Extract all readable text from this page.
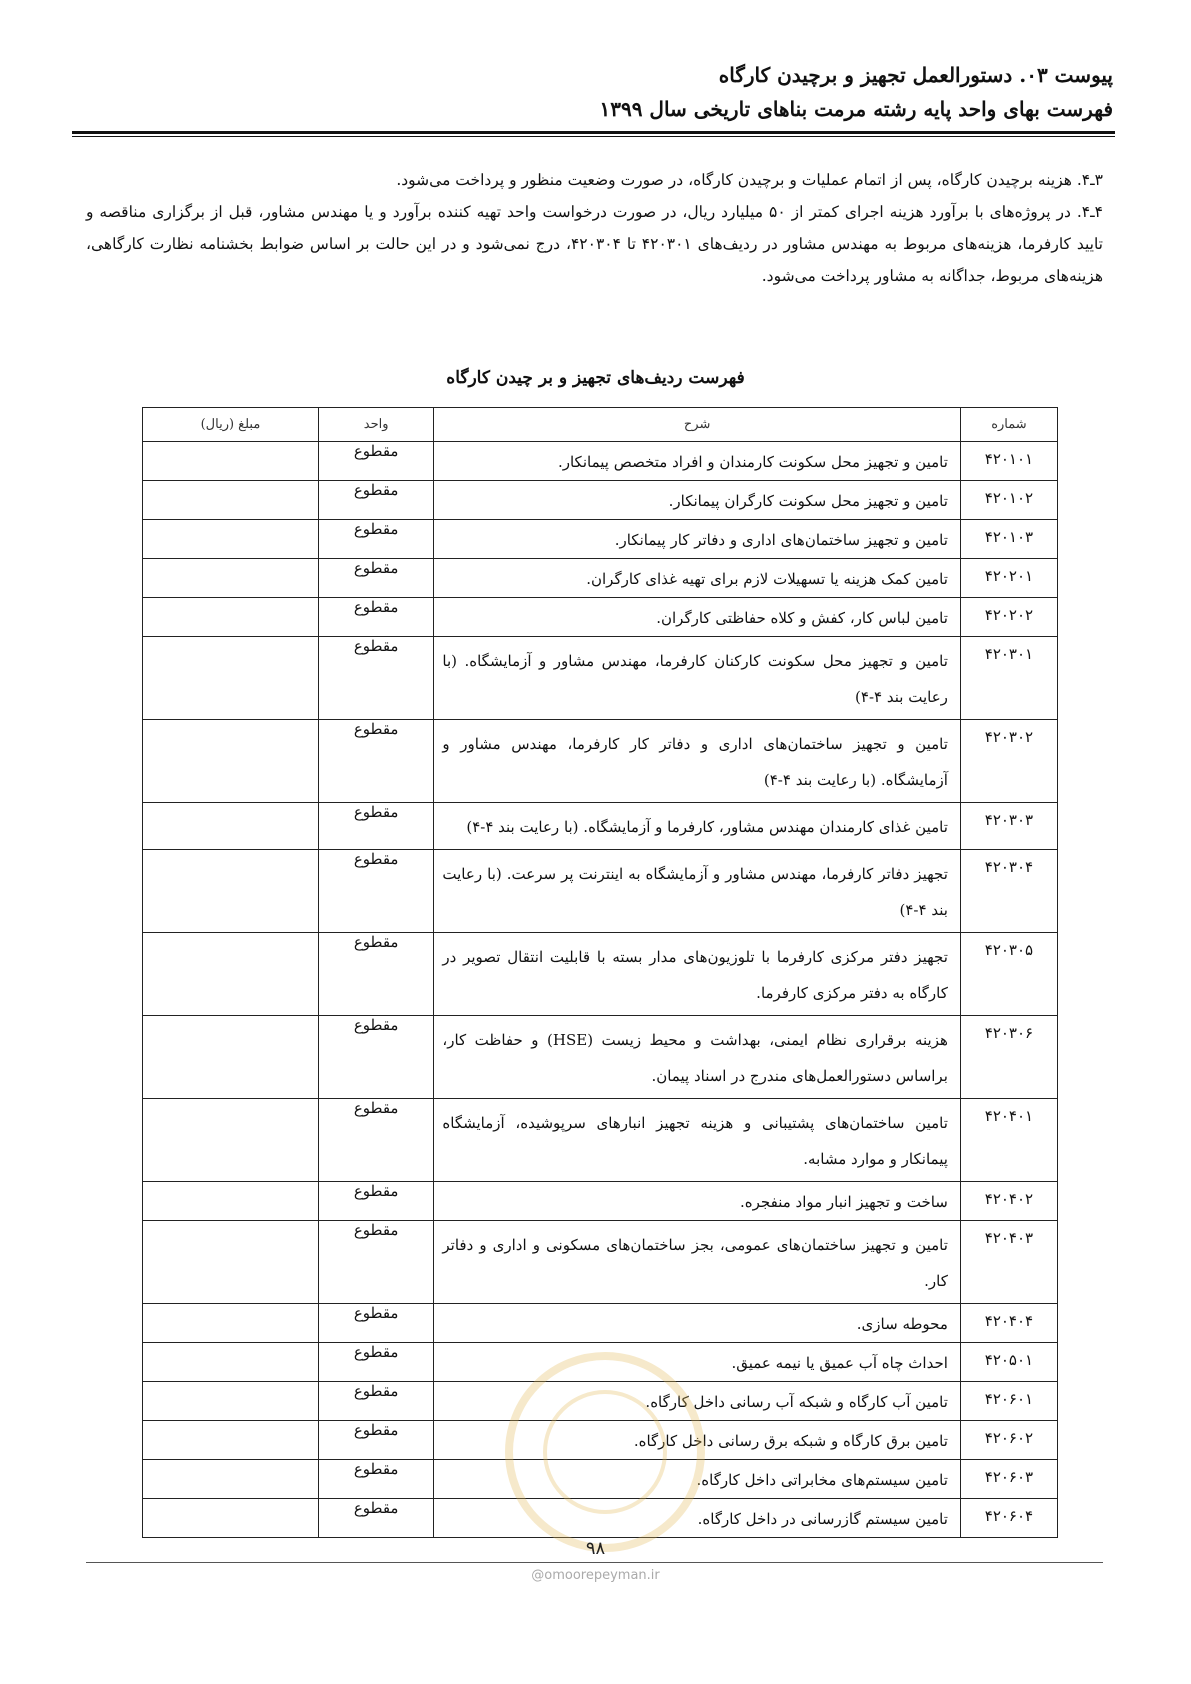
پیوست ۰۳. دستورالعمل تجهیز و برچیدن کارگاه
فهرست بهای واحد پایه رشته مرمت بناهای تاریخی سال ۱۳۹۹

۳ـ۴. هزینه برچیدن کارگاه، پس از اتمام عملیات و برچیدن کارگاه، در صورت وضعیت منظور و پرداخت می‌شود.

۴ـ۴. در پروژه‌های با برآورد هزینه اجرای کمتر از ۵۰ میلیارد ریال، در صورت درخواست واحد تهیه کننده برآورد و یا مهندس مشاور، قبل از برگزاری مناقصه و تایید کارفرما، هزینه‌های مربوط به مهندس مشاور در ردیف‌های ۴۲۰۳۰۱ تا ۴۲۰۳۰۴، درج نمی‌شود و در این حالت بر اساس ضوابط بخشنامه نظارت کارگاهی، هزینه‌های مربوط، جداگانه به مشاور پرداخت می‌شود.

فهرست ردیف‌های تجهیز و بر چیدن کارگاه
شماره	شرح	واحد	مبلغ (ریال)
۴۲۰۱۰۱	تامین و تجهیز محل سکونت کارمندان و افراد متخصص پیمانکار.	مقطوع	
۴۲۰۱۰۲	تامین و تجهیز محل سکونت کارگران پیمانکار.	مقطوع	
۴۲۰۱۰۳	تامین و تجهیز ساختمان‌های اداری و دفاتر کار پیمانکار.	مقطوع	
۴۲۰۲۰۱	تامین کمک هزینه یا تسهیلات لازم برای تهیه غذای کارگران.	مقطوع	
۴۲۰۲۰۲	تامین لباس کار، کفش و کلاه حفاظتی کارگران.	مقطوع	
۴۲۰۳۰۱	تامین و تجهیز محل سکونت کارکنان کارفرما، مهندس مشاور و آزمایشگاه. (با رعایت بند ۴-۴)	مقطوع	
۴۲۰۳۰۲	تامین و تجهیز ساختمان‌های اداری و دفاتر کار کارفرما، مهندس مشاور و آزمایشگاه. (با رعایت بند ۴-۴)	مقطوع	
۴۲۰۳۰۳	تامین غذای کارمندان مهندس مشاور، کارفرما و آزمایشگاه. (با رعایت بند ۴-۴)	مقطوع	
۴۲۰۳۰۴	تجهیز دفاتر کارفرما، مهندس مشاور و آزمایشگاه به اینترنت پر سرعت. (با رعایت بند ۴-۴)	مقطوع	
۴۲۰۳۰۵	تجهیز دفتر مرکزی کارفرما با تلوزیون‌های مدار بسته با قابلیت انتقال تصویر در کارگاه به دفتر مرکزی کارفرما.	مقطوع	
۴۲۰۳۰۶	هزینه برقراری نظام ایمنی، بهداشت و محیط زیست (HSE) و حفاظت کار، براساس دستورالعمل‌های مندرج در اسناد پیمان.	مقطوع	
۴۲۰۴۰۱	تامین ساختمان‌های پشتیبانی و هزینه تجهیز انبارهای سرپوشیده، آزمایشگاه پیمانکار و موارد مشابه.	مقطوع	
۴۲۰۴۰۲	ساخت و تجهیز انبار مواد منفجره.	مقطوع	
۴۲۰۴۰۳	تامین و تجهیز ساختمان‌های عمومی، بجز ساختمان‌های مسکونی و اداری و دفاتر کار.	مقطوع	
۴۲۰۴۰۴	محوطه سازی.	مقطوع	
۴۲۰۵۰۱	احداث چاه آب عمیق یا نیمه عمیق.	مقطوع	
۴۲۰۶۰۱	تامین آب کارگاه و شبکه آب رسانی داخل کارگاه.	مقطوع	
۴۲۰۶۰۲	تامین برق کارگاه و شبکه برق رسانی داخل کارگاه.	مقطوع	
۴۲۰۶۰۳	تامین سیستم‌های مخابراتی داخل کارگاه.	مقطوع	
۴۲۰۶۰۴	تامین سیستم گازرسانی در داخل کارگاه.	مقطوع	
۹۸
@omoorepeyman.ir
